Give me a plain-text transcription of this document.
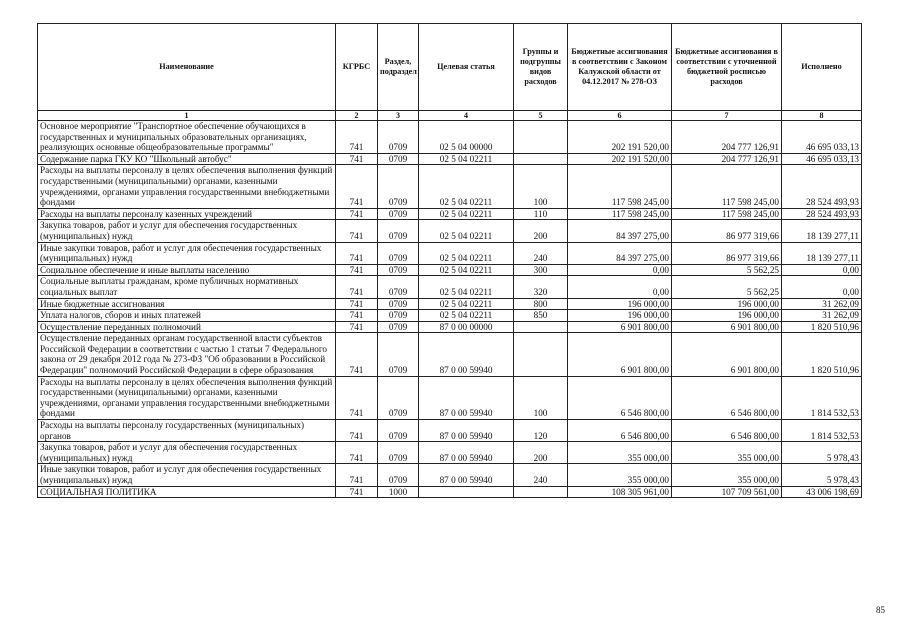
Наименование	КГРБС	Раздел, подраздел	Целевая статья	Группы и подгруппы видов расходов	Бюджетные ассигнования в соответствии с Законом Калужской области от 04.12.2017 № 278-ОЗ	Бюджетные ассигнования в соответствии с уточненной бюджетной росписью расходов	Исполнено
1	2	3	4	5	6	7	8
Основное мероприятие "Транспортное обеспечение обучающихся в государственных и муниципальных образовательных организациях, реализующих основные общеобразовательные программы"	741	0709	02 5 04 00000		202 191 520,00	204 777 126,91	46 695 033,13
Содержание парка ГКУ КО "Школьный автобус"	741	0709	02 5 04 02211		202 191 520,00	204 777 126,91	46 695 033,13
Расходы на выплаты персоналу в целях обеспечения выполнения функций государственными (муниципальными) органами, казенными учреждениями, органами управления государственными внебюджетными фондами	741	0709	02 5 04 02211	100	117 598 245,00	117 598 245,00	28 524 493,93
Расходы на выплаты персоналу казенных учреждений	741	0709	02 5 04 02211	110	117 598 245,00	117 598 245,00	28 524 493,93
Закупка товаров, работ и услуг для обеспечения государственных (муниципальных) нужд	741	0709	02 5 04 02211	200	84 397 275,00	86 977 319,66	18 139 277,11
Иные закупки товаров, работ и услуг для обеспечения государственных (муниципальных) нужд	741	0709	02 5 04 02211	240	84 397 275,00	86 977 319,66	18 139 277,11
Социальное обеспечение и иные выплаты населению	741	0709	02 5 04 02211	300	0,00	5 562,25	0,00
Социальные выплаты гражданам, кроме публичных нормативных социальных выплат	741	0709	02 5 04 02211	320	0,00	5 562,25	0,00
Иные бюджетные ассигнования	741	0709	02 5 04 02211	800	196 000,00	196 000,00	31 262,09
Уплата налогов, сборов и иных платежей	741	0709	02 5 04 02211	850	196 000,00	196 000,00	31 262,09
Осуществление переданных полномочий	741	0709	87 0 00 00000		6 901 800,00	6 901 800,00	1 820 510,96
Осуществление переданных органам государственной власти субъектов Российской Федерации в соответствии с частью 1 статьи 7 Федерального закона от 29 декабря 2012 года № 273-ФЗ "Об образовании в Российской Федерации" полномочий Российской Федерации в сфере образования	741	0709	87 0 00 59940		6 901 800,00	6 901 800,00	1 820 510,96
Расходы на выплаты персоналу в целях обеспечения выполнения функций государственными (муниципальными) органами, казенными учреждениями, органами управления государственными внебюджетными фондами	741	0709	87 0 00 59940	100	6 546 800,00	6 546 800,00	1 814 532,53
Расходы на выплаты персоналу государственных (муниципальных) органов	741	0709	87 0 00 59940	120	6 546 800,00	6 546 800,00	1 814 532,53
Закупка товаров, работ и услуг для обеспечения государственных (муниципальных) нужд	741	0709	87 0 00 59940	200	355 000,00	355 000,00	5 978,43
Иные закупки товаров, работ и услуг для обеспечения государственных (муниципальных) нужд	741	0709	87 0 00 59940	240	355 000,00	355 000,00	5 978,43
СОЦИАЛЬНАЯ ПОЛИТИКА	741	1000			108 305 961,00	107 709 561,00	43 006 198,69
85
